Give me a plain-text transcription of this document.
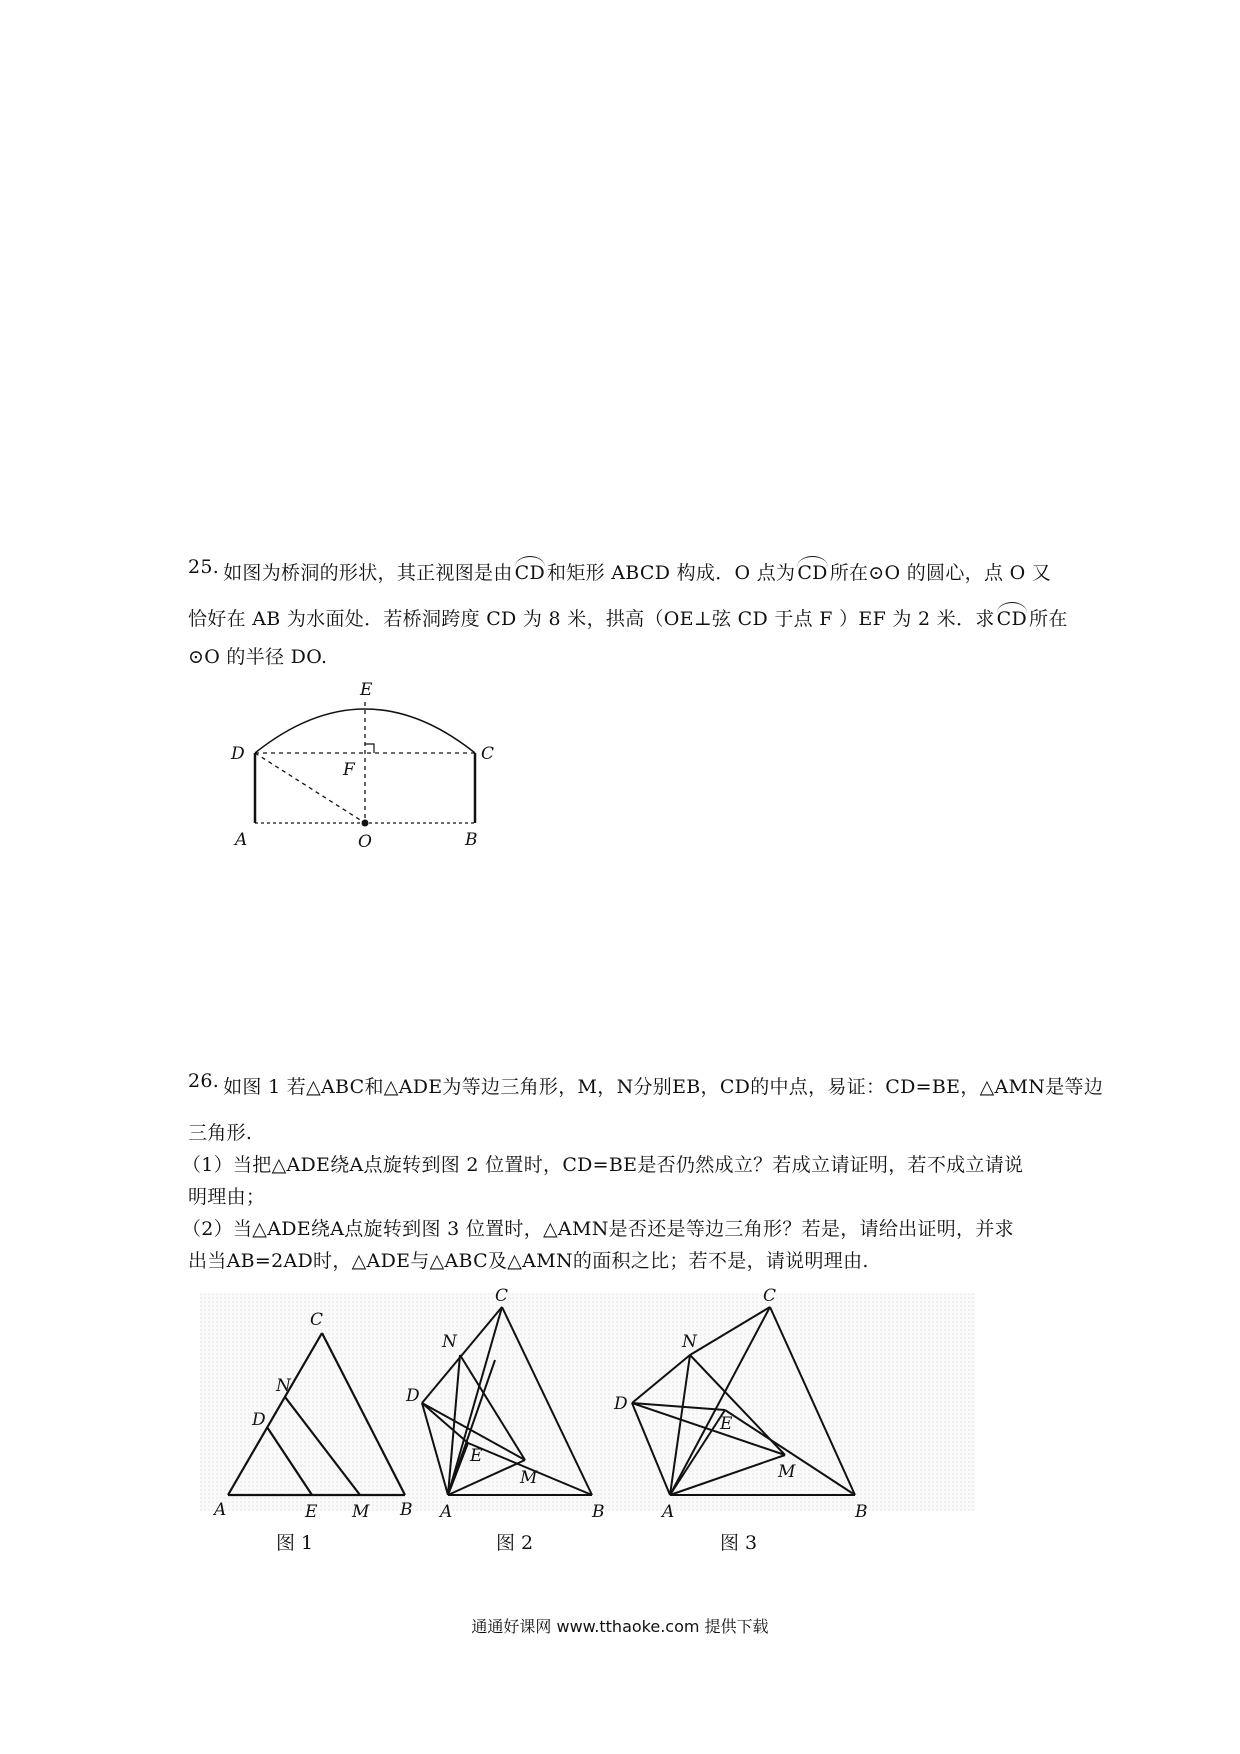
25. 如图为桥洞的形状，其正视图是由 CD 和矩形 ABCD 构成．O 点为 CD 所在⊙O 的圆心，点 O 又
恰好在 AB 为水面处．若桥洞跨度 CD 为 8 米，拱高（OE⊥弦 CD 于点 F ）EF 为 2 米．求 CD 所在
⊙O 的半径 DO.
E
D	C
F
A	O	B
26. 如图 1 若△ABC和△ADE为等边三角形，M，N分别EB，CD的中点，易证：CD=BE，△AMN是等边
三角形.
（1）当把△ADE绕A点旋转到图 2 位置时，CD=BE是否仍然成立？若成立请证明，若不成立请说
明理由；
（2）当△ADE绕A点旋转到图 3 位置时，△AMN是否还是等边三角形？若是，请给出证明，并求
出当AB=2AD时，△ADE与△ABC及△AMN的面积之比；若不是，请说明理由.
C
N
D
A	E M B
图 1
C
N
D
E
M
A	B
图 2
C
N
D
E
M
A	B
图 3
通通好课网 www.tthaoke.com 提供下载
